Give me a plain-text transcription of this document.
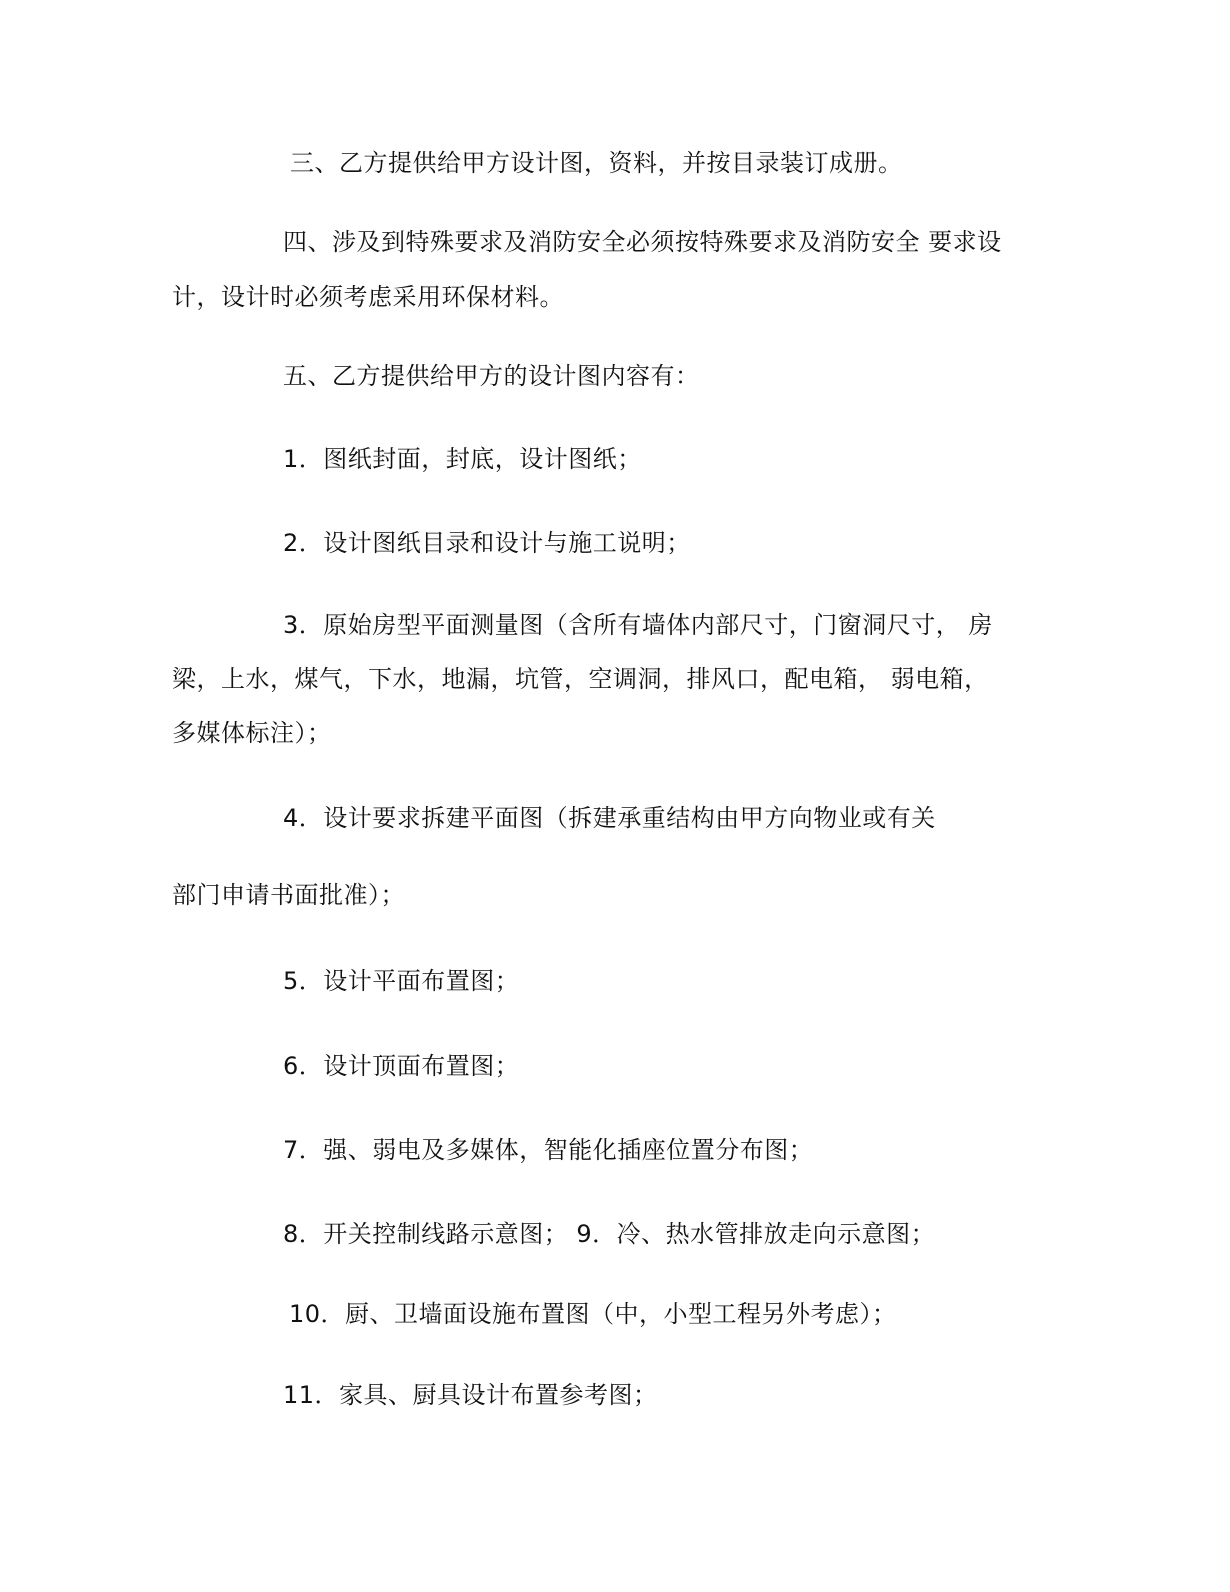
三、乙方提供给甲方设计图，资料，并按目录装订成册。
四、涉及到特殊要求及消防安全必须按特殊要求及消防安全 要求设
计，设计时必须考虑采用环保材料。
五、乙方提供给甲方的设计图内容有：
1．图纸封面，封底，设计图纸；
2．设计图纸目录和设计与施工说明；
3．原始房型平面测量图（含所有墙体内部尺寸，门窗洞尺寸， 房
梁，上水，煤气，下水，地漏，坑管，空调洞，排风口，配电箱， 弱电箱，
多媒体标注）；
4．设计要求拆建平面图（拆建承重结构由甲方向物业或有关
部门申请书面批准）；
5．设计平面布置图；
6．设计顶面布置图；
7．强、弱电及多媒体，智能化插座位置分布图；
8．开关控制线路示意图； 9．冷、热水管排放走向示意图；
10．厨、卫墙面设施布置图（中，小型工程另外考虑）；
11．家具、厨具设计布置参考图；
